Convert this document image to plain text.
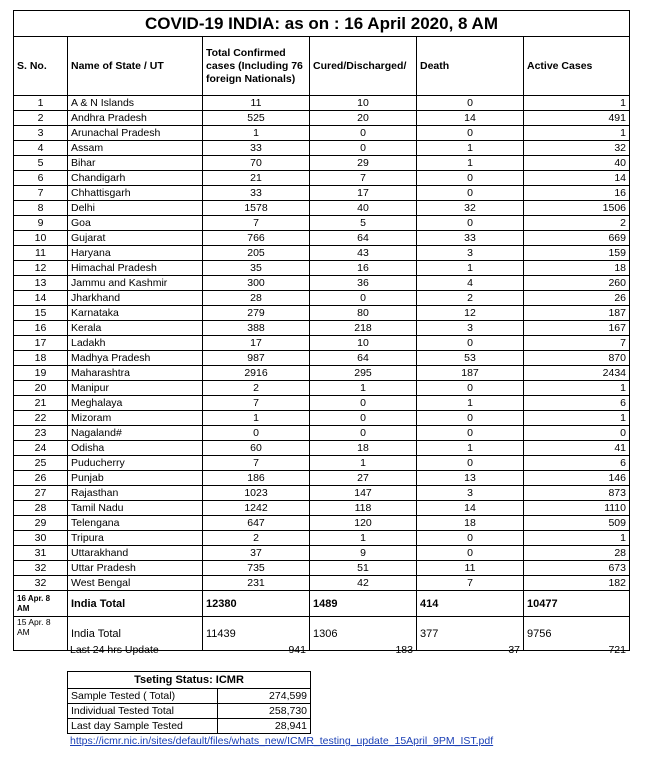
COVID-19 INDIA: as on : 16 April 2020, 8 AM					
S. No.	Name of State / UT	Total Confirmed cases (Including 76 foreign Nationals)	Cured/Discharged/	Death	Active Cases
1	A & N Islands	11	10	0	1
2	Andhra Pradesh	525	20	14	491
3	Arunachal Pradesh	1	0	0	1
4	Assam	33	0	1	32
5	Bihar	70	29	1	40
6	Chandigarh	21	7	0	14
7	Chhattisgarh	33	17	0	16
8	Delhi	1578	40	32	1506
9	Goa	7	5	0	2
10	Gujarat	766	64	33	669
11	Haryana	205	43	3	159
12	Himachal Pradesh	35	16	1	18
13	Jammu and Kashmir	300	36	4	260
14	Jharkhand	28	0	2	26
15	Karnataka	279	80	12	187
16	Kerala	388	218	3	167
17	Ladakh	17	10	0	7
18	Madhya Pradesh	987	64	53	870
19	Maharashtra	2916	295	187	2434
20	Manipur	2	1	0	1
21	Meghalaya	7	0	1	6
22	Mizoram	1	0	0	1
23	Nagaland#	0	0	0	0
24	Odisha	60	18	1	41
25	Puducherry	7	1	0	6
26	Punjab	186	27	13	146
27	Rajasthan	1023	147	3	873
28	Tamil Nadu	1242	118	14	1110
29	Telengana	647	120	18	509
30	Tripura	2	1	0	1
31	Uttarakhand	37	9	0	28
32	Uttar Pradesh	735	51	11	673
32	West Bengal	231	42	7	182
16 Apr. 8 AM	India Total	12380	1489	414	10477
15 Apr. 8 AM	India Total	11439	1306	377	9756
	Last 24 hrs Update	941	183	37	721
Tseting Status: ICMR	
Sample Tested ( Total)	274,599
Individual Tested Total	258,730
Last day Sample Tested	28,941
https://icmr.nic.in/sites/default/files/whats_new/ICMR_testing_update_15April_9PM_IST.pdf
